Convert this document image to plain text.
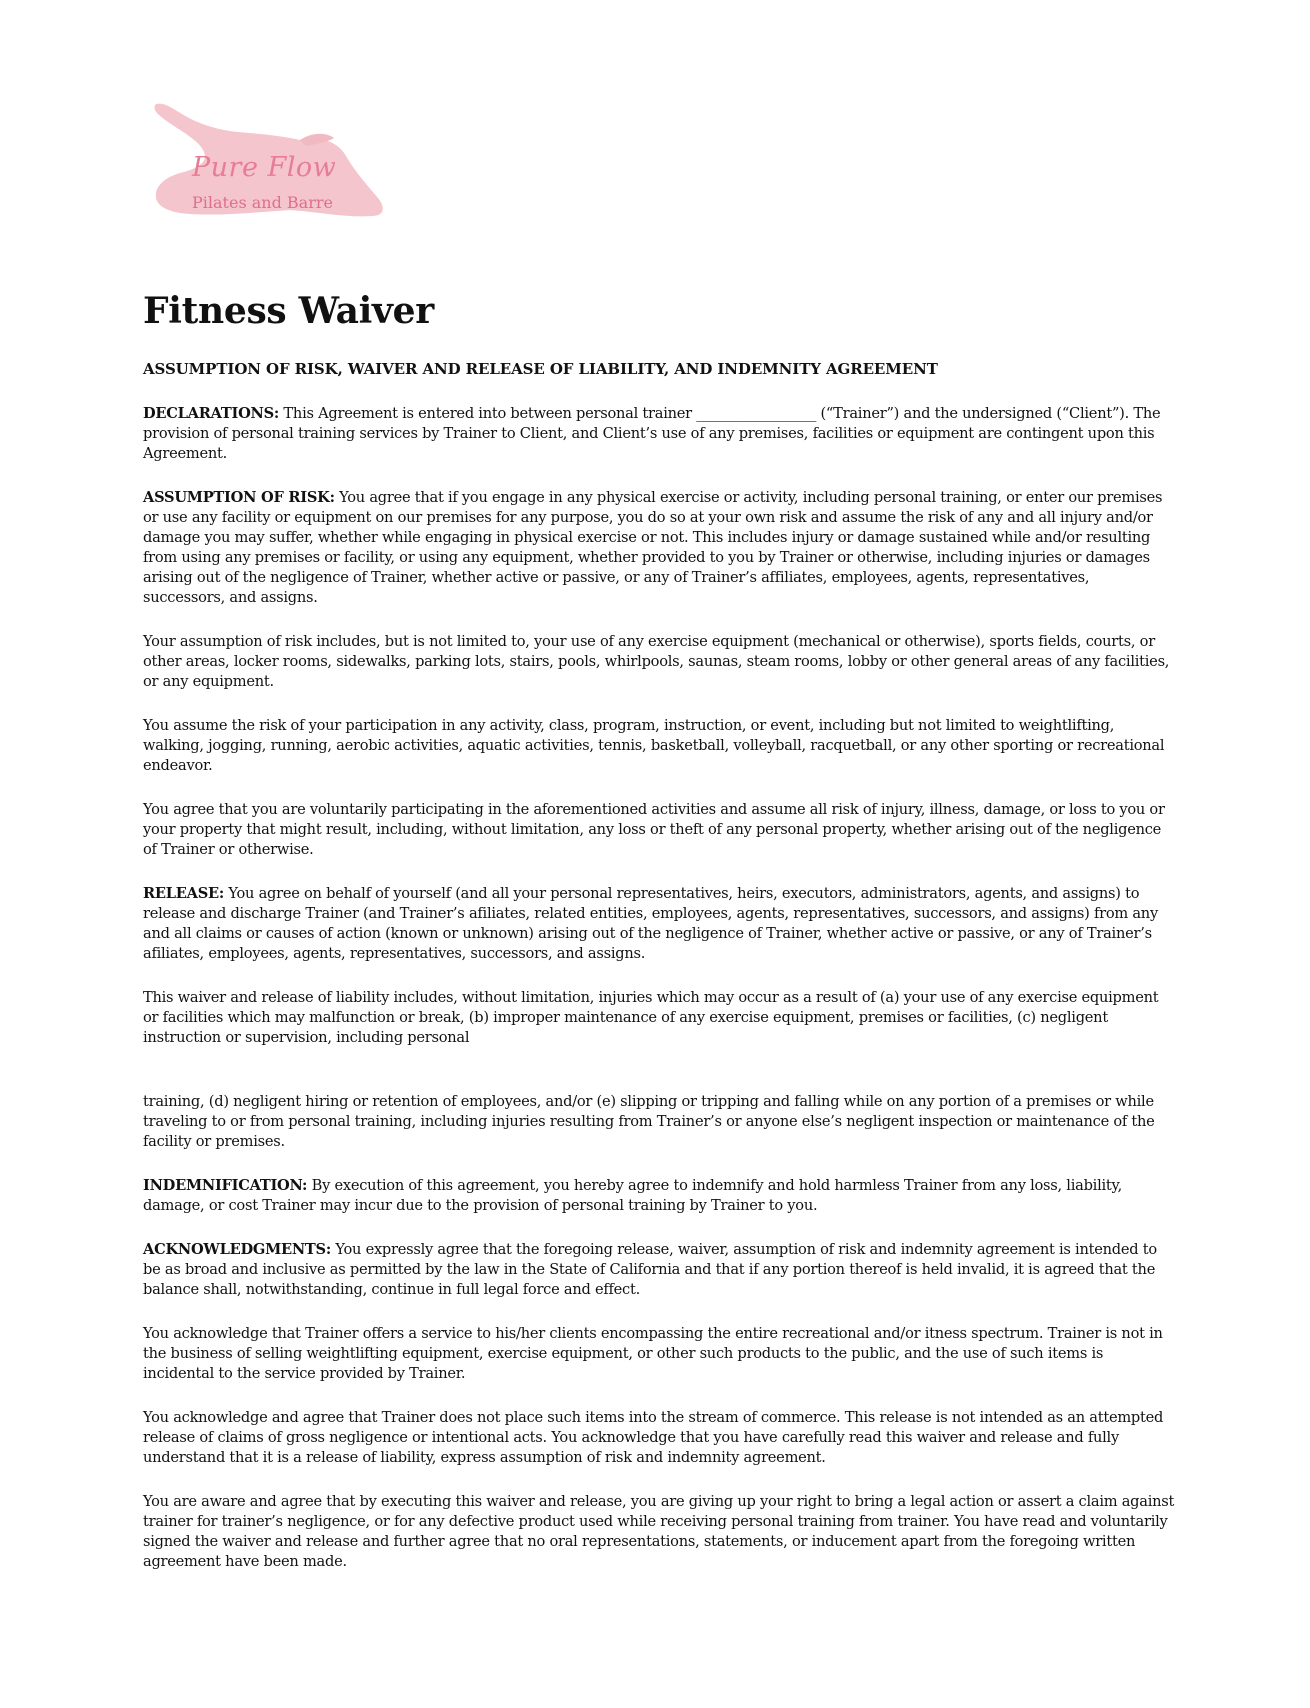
Pure Flow
Pilates and Barre
Fitness Waiver
ASSUMPTION OF RISK, WAIVER AND RELEASE OF LIABILITY, AND INDEMNITY AGREEMENT

DECLARATIONS: This Agreement is entered into between personal trainer _________________ (“Trainer”) and the undersigned (“Client”). The provision of personal training services by Trainer to Client, and Client’s use of any premises, facilities or equipment are contingent upon this Agreement.

ASSUMPTION OF RISK: You agree that if you engage in any physical exercise or activity, including personal training, or enter our premises or use any facility or equipment on our premises for any purpose, you do so at your own risk and assume the risk of any and all injury and/or damage you may suffer, whether while engaging in physical exercise or not. This includes injury or damage sustained while and/or resulting from using any premises or facility, or using any equipment, whether provided to you by Trainer or otherwise, including injuries or damages arising out of the negligence of Trainer, whether active or passive, or any of Trainer’s affiliates, employees, agents, representatives, successors, and assigns.

Your assumption of risk includes, but is not limited to, your use of any exercise equipment (mechanical or otherwise), sports fields, courts, or other areas, locker rooms, sidewalks, parking lots, stairs, pools, whirlpools, saunas, steam rooms, lobby or other general areas of any facilities, or any equipment.

You assume the risk of your participation in any activity, class, program, instruction, or event, including but not limited to weightlifting, walking, jogging, running, aerobic activities, aquatic activities, tennis, basketball, volleyball, racquetball, or any other sporting or recreational endeavor.

You agree that you are voluntarily participating in the aforementioned activities and assume all risk of injury, illness, damage, or loss to you or your property that might result, including, without limitation, any loss or theft of any personal property, whether arising out of the negligence of Trainer or otherwise.

RELEASE: You agree on behalf of yourself (and all your personal representatives, heirs, executors, administrators, agents, and assigns) to release and discharge Trainer (and Trainer’s afiliates, related entities, employees, agents, representatives, successors, and assigns) from any and all claims or causes of action (known or unknown) arising out of the negligence of Trainer, whether active or passive, or any of Trainer’s afiliates, employees, agents, representatives, successors, and assigns.

This waiver and release of liability includes, without limitation, injuries which may occur as a result of (a) your use of any exercise equipment or facilities which may malfunction or break, (b) improper maintenance of any exercise equipment, premises or facilities, (c) negligent instruction or supervision, including personal

training, (d) negligent hiring or retention of employees, and/or (e) slipping or tripping and falling while on any portion of a premises or while traveling to or from personal training, including injuries resulting from Trainer’s or anyone else’s negligent inspection or maintenance of the facility or premises.

INDEMNIFICATION: By execution of this agreement, you hereby agree to indemnify and hold harmless Trainer from any loss, liability, damage, or cost Trainer may incur due to the provision of personal training by Trainer to you.

ACKNOWLEDGMENTS: You expressly agree that the foregoing release, waiver, assumption of risk and indemnity agreement is intended to be as broad and inclusive as permitted by the law in the State of California and that if any portion thereof is held invalid, it is agreed that the balance shall, notwithstanding, continue in full legal force and effect.

You acknowledge that Trainer offers a service to his/her clients encompassing the entire recreational and/or itness spectrum. Trainer is not in the business of selling weightlifting equipment, exercise equipment, or other such products to the public, and the use of such items is incidental to the service provided by Trainer.

You acknowledge and agree that Trainer does not place such items into the stream of commerce. This release is not intended as an attempted release of claims of gross negligence or intentional acts. You acknowledge that you have carefully read this waiver and release and fully understand that it is a release of liability, express assumption of risk and indemnity agreement.

You are aware and agree that by executing this waiver and release, you are giving up your right to bring a legal action or assert a claim against trainer for trainer’s negligence, or for any defective product used while receiving personal training from trainer. You have read and voluntarily signed the waiver and release and further agree that no oral representations, statements, or inducement apart from the foregoing written agreement have been made.
